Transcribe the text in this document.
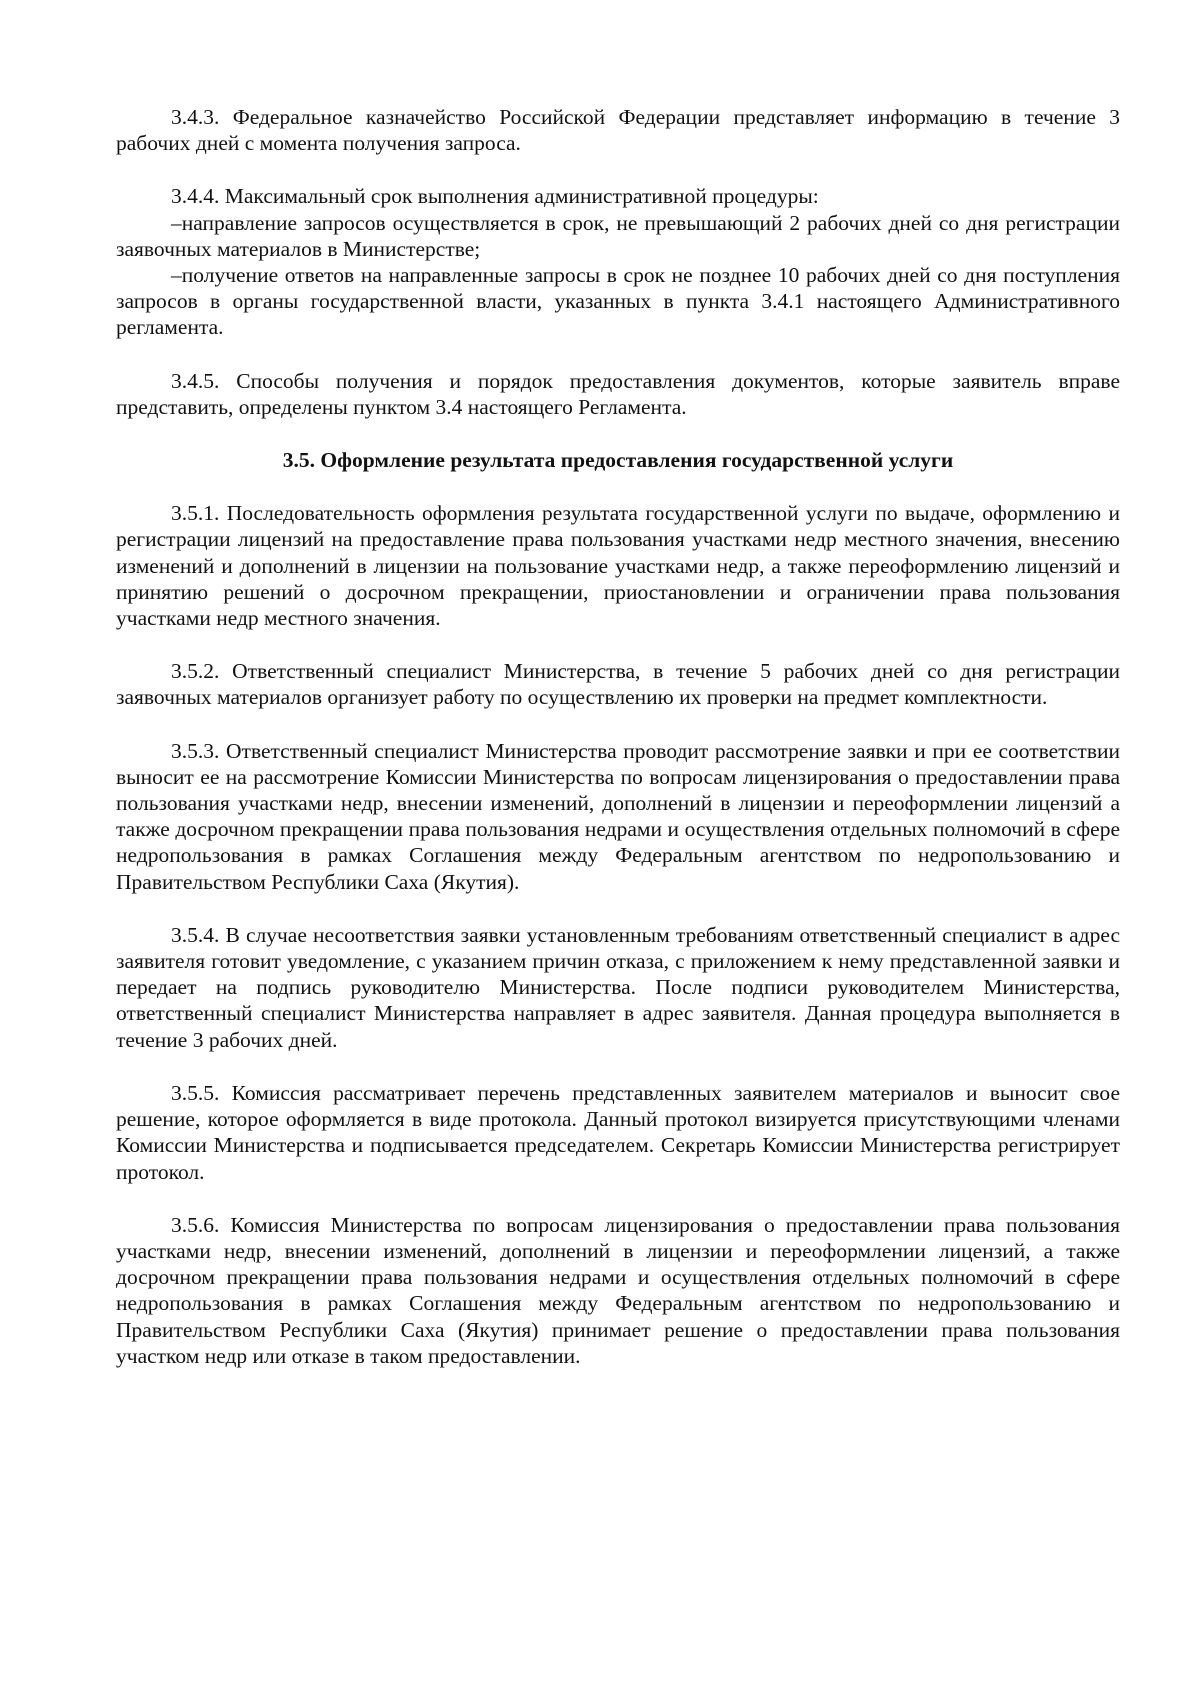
3.4.3. Федеральное казначейство Российской Федерации представляет информацию в течение 3 рабочих дней с момента получения запроса.

3.4.4. Максимальный срок выполнения административной процедуры:

–направление запросов осуществляется в срок, не превышающий 2 рабочих дней со дня регистрации заявочных материалов в Министерстве;

–получение ответов на направленные запросы в срок не позднее 10 рабочих дней со дня поступления запросов в органы государственной власти, указанных в пункта 3.4.1 настоящего Административного регламента.

3.4.5. Способы получения и порядок предоставления документов, которые заявитель вправе представить, определены пунктом 3.4 настоящего Регламента.

3.5. Оформление результата предоставления государственной услуги

3.5.1. Последовательность оформления результата государственной услуги по выдаче, оформлению и регистрации лицензий на предоставление права пользования участками недр местного значения, внесению изменений и дополнений в лицензии на пользование участками недр, а также переоформлению лицензий и принятию решений о досрочном прекращении, приостановлении и ограничении права пользования участками недр местного значения.

3.5.2. Ответственный специалист Министерства, в течение 5 рабочих дней со дня регистрации заявочных материалов организует работу по осуществлению их проверки на предмет комплектности.

3.5.3. Ответственный специалист Министерства проводит рассмотрение заявки и при ее соответствии выносит ее на рассмотрение Комиссии Министерства по вопросам лицензирования о предоставлении права пользования участками недр, внесении изменений, дополнений в лицензии и переоформлении лицензий а также досрочном прекращении права пользования недрами и осуществления отдельных полномочий в сфере недропользования в рамках Соглашения между Федеральным агентством по недропользованию и Правительством Республики Саха (Якутия).

3.5.4. В случае несоответствия заявки установленным требованиям ответственный специалист в адрес заявителя готовит уведомление, с указанием причин отказа, с приложением к нему представленной заявки и передает на подпись руководителю Министерства. После подписи руководителем Министерства, ответственный специалист Министерства направляет в адрес заявителя. Данная процедура выполняется в течение 3 рабочих дней.

3.5.5. Комиссия рассматривает перечень представленных заявителем материалов и выносит свое решение, которое оформляется в виде протокола. Данный протокол визируется присутствующими членами Комиссии Министерства и подписывается председателем. Секретарь Комиссии Министерства регистрирует протокол.

3.5.6. Комиссия Министерства по вопросам лицензирования о предоставлении права пользования участками недр, внесении изменений, дополнений в лицензии и переоформлении лицензий, а также досрочном прекращении права пользования недрами и осуществления отдельных полномочий в сфере недропользования в рамках Соглашения между Федеральным агентством по недропользованию и Правительством Республики Саха (Якутия) принимает решение о предоставлении права пользования участком недр или отказе в таком предоставлении.
